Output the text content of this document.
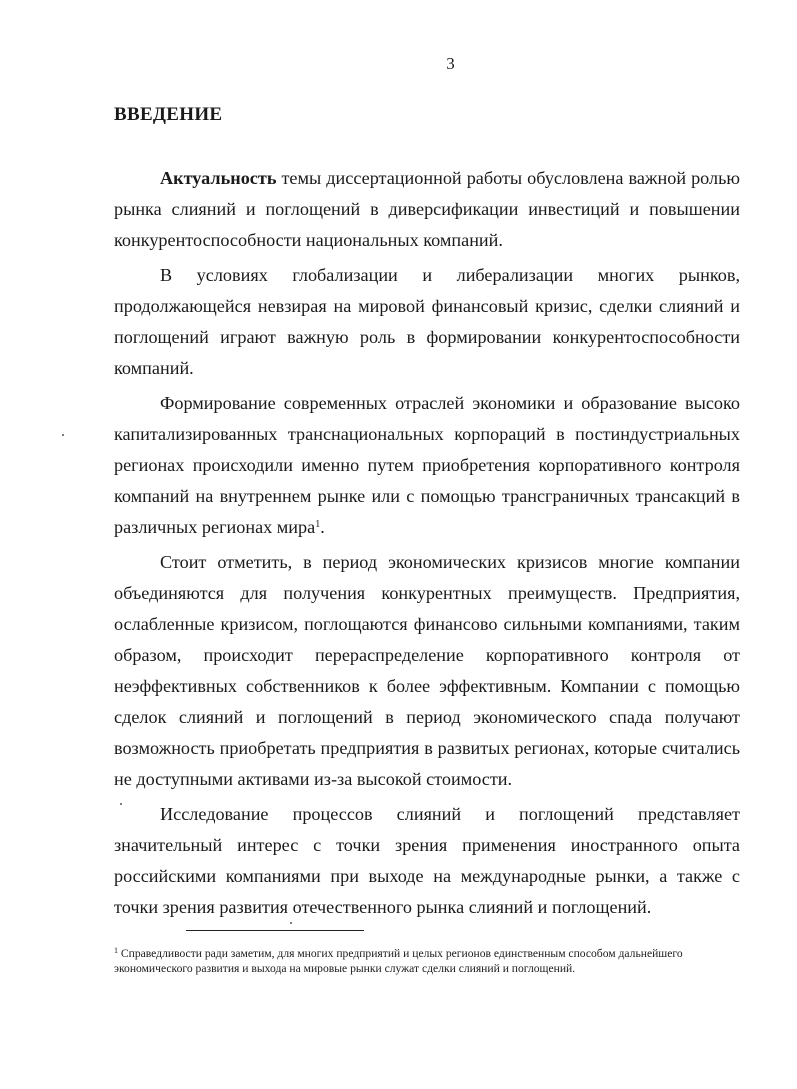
3
ВВЕДЕНИЕ

Актуальность темы диссертационной работы обусловлена важной ролью рынка слияний и поглощений в диверсификации инвестиций и повышении конкурентоспособности национальных компаний.

В условиях глобализации и либерализации многих рынков, продолжающейся невзирая на мировой финансовый кризис, сделки слияний и поглощений играют важную роль в формировании конкурентоспособности компаний.

Формирование современных отраслей экономики и образование высоко капитализированных транснациональных корпораций в постиндустриальных регионах происходили именно путем приобретения корпоративного контроля компаний на внутреннем рынке или с помощью трансграничных трансакций в различных регионах мира$^1$.

Стоит отметить, в период экономических кризисов многие компании объединяются для получения конкурентных преимуществ. Предприятия, ослабленные кризисом, поглощаются финансово сильными компаниями, таким образом, происходит перераспределение корпоративного контроля от неэффективных собственников к более эффективным. Компании с помощью сделок слияний и поглощений в период экономического спада получают возможность приобретать предприятия в развитых регионах, которые считались не доступными активами из-за высокой стоимости.

Исследование процессов слияний и поглощений представляет значительный интерес с точки зрения применения иностранного опыта российскими компаниями при выходе на международные рынки, а также с точки зрения развития отечественного рынка слияний и поглощений.

$^1$ Справедливости ради заметим, для многих предприятий и целых регионов единственным способом дальнейшего экономического развития и выхода на мировые рынки служат сделки слияний и поглощений.
